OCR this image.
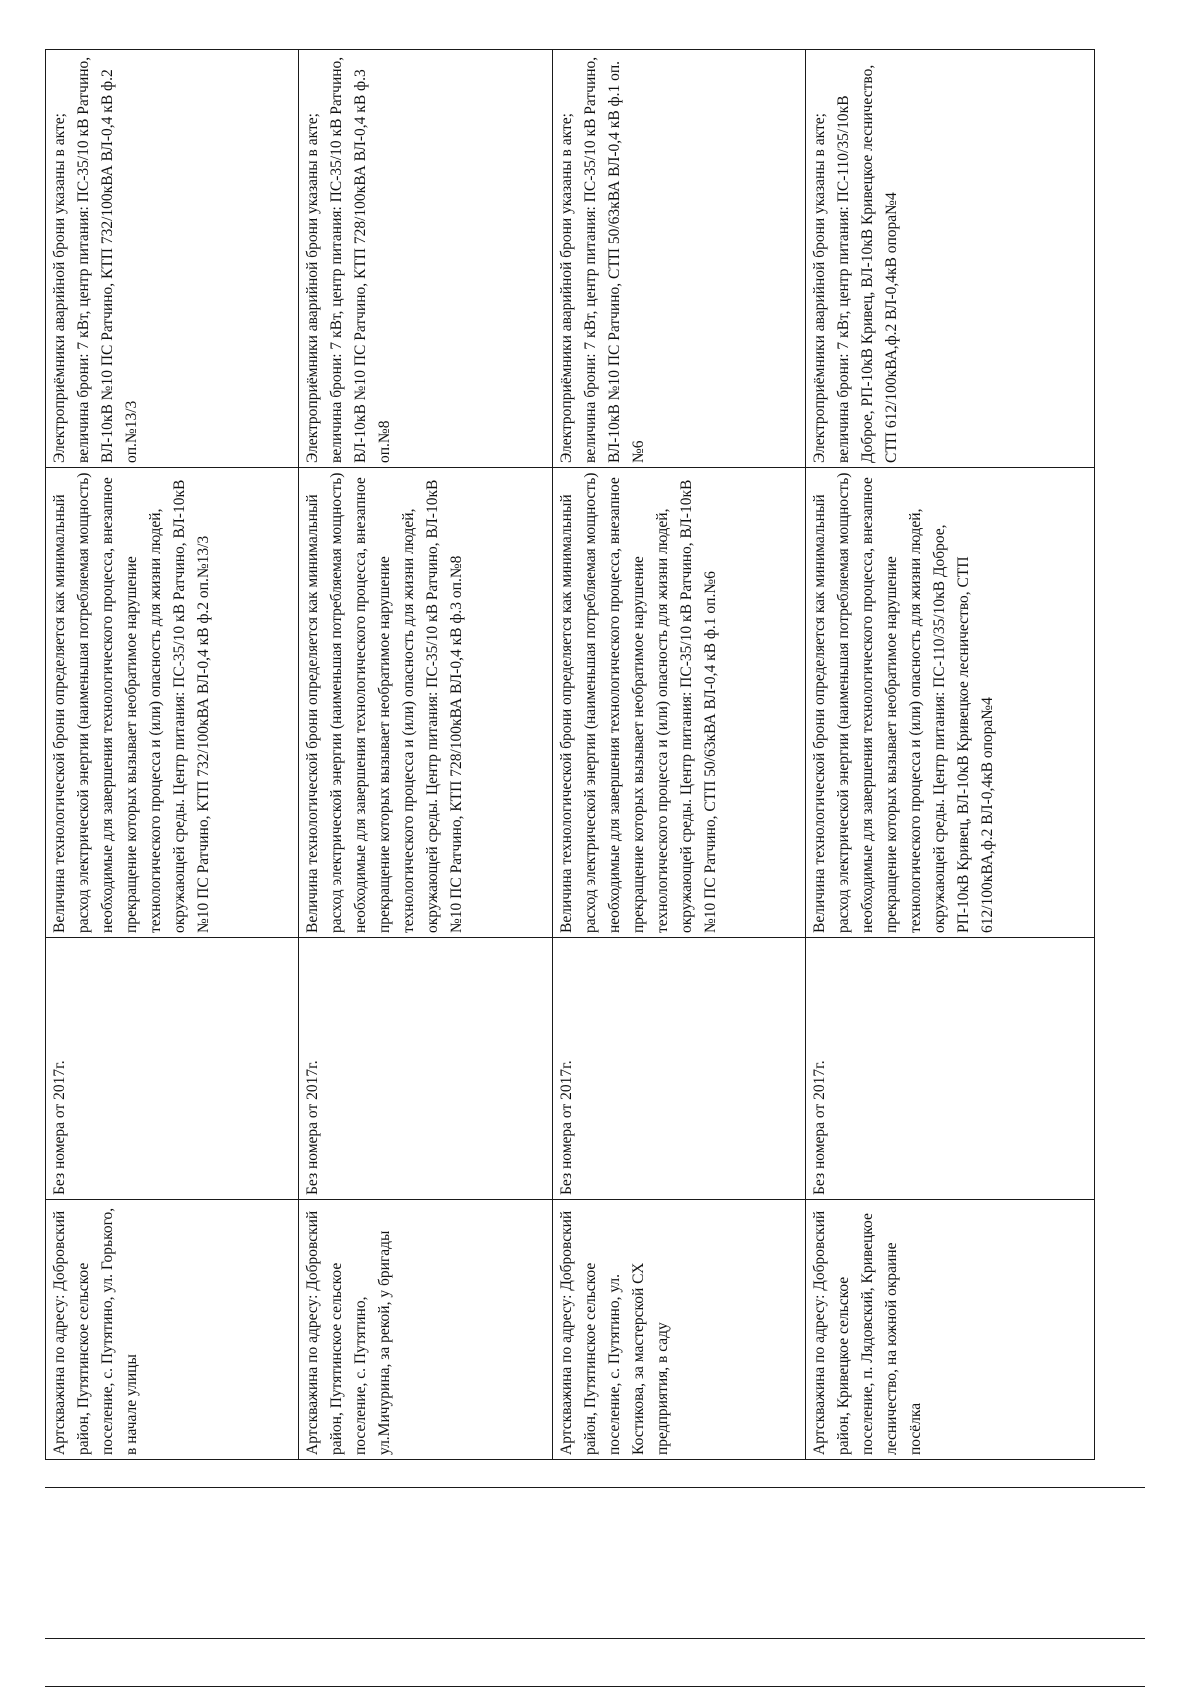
Артскважина по адресу: Добровский район, Путятинское сельское поселение, с. Путятино, ул. Горького, в начале улицы	Без номера от 2017г.	Величина технологической брони определяется как минимальный расход электрической энергии (наименьшая потребляемая мощность) необходимые для завершения технологического процесса, внезапное прекращение которых вызывает необратимое нарушение технологического процесса и (или) опасность для жизни людей, окружающей среды. Центр питания: ПС-35/10 кВ Ратчино, ВЛ-10кВ №10 ПС Ратчино, КТП 732/100кВА ВЛ-0,4 кВ ф.2 оп.№13/3	Электроприёмники аварийной брони указаны в акте; величина брони: 7 кВт, центр питания: ПС-35/10 кВ Ратчино, ВЛ-10кВ №10 ПС Ратчино, КТП 732/100кВА ВЛ-0,4 кВ ф.2 оп.№13/3
Артскважина по адресу: Добровский район, Путятинское сельское поселение, с. Путятино, ул.Мичурина, за рекой, у бригады	Без номера от 2017г.	Величина технологической брони определяется как минимальный расход электрической энергии (наименьшая потребляемая мощность) необходимые для завершения технологического процесса, внезапное прекращение которых вызывает необратимое нарушение технологического процесса и (или) опасность для жизни людей, окружающей среды. Центр питания: ПС-35/10 кВ Ратчино, ВЛ-10кВ №10 ПС Ратчино, КТП 728/100кВА ВЛ-0,4 кВ ф.3 оп.№8	Электроприёмники аварийной брони указаны в акте; величина брони: 7 кВт, центр питания: ПС-35/10 кВ Ратчино, ВЛ-10кВ №10 ПС Ратчино, КТП 728/100кВА ВЛ-0,4 кВ ф.3 оп.№8
Артскважина по адресу: Добровский район, Путятинское сельское поселение, с. Путятино, ул. Костикова, за мастерской СХ предприятия, в саду	Без номера от 2017г.	Величина технологической брони определяется как минимальный расход электрической энергии (наименьшая потребляемая мощность) необходимые для завершения технологического процесса, внезапное прекращение которых вызывает необратимое нарушение технологического процесса и (или) опасность для жизни людей, окружающей среды. Центр питания: ПС-35/10 кВ Ратчино, ВЛ-10кВ №10 ПС Ратчино, СТП 50/63кВА ВЛ-0,4 кВ ф.1 оп.№6	Электроприёмники аварийной брони указаны в акте; величина брони: 7 кВт, центр питания: ПС-35/10 кВ Ратчино, ВЛ-10кВ №10 ПС Ратчино, СТП 50/63кВА ВЛ-0,4 кВ ф.1 оп.№6
Артскважина по адресу: Добровский район, Кривецкое сельское поселение, п. Лядовский, Кривецкое лесничество, на южной окраине посёлка	Без номера от 2017г.	Величина технологической брони определяется как минимальный расход электрической энергии (наименьшая потребляемая мощность) необходимые для завершения технологического процесса, внезапное прекращение которых вызывает необратимое нарушение технологического процесса и (или) опасность для жизни людей, окружающей среды. Центр питания: ПС-110/35/10кВ Доброе, РП-10кВ Кривец, ВЛ-10кВ Кривецкое лесничество, СТП 612/100кВА,ф.2 ВЛ-0,4кВ опора№4	Электроприёмники аварийной брони указаны в акте; величина брони: 7 кВт, центр питания: ПС-110/35/10кВ Доброе, РП-10кВ Кривец, ВЛ-10кВ Кривецкое лесничество, СТП 612/100кВА,ф.2 ВЛ-0,4кВ опора№4
